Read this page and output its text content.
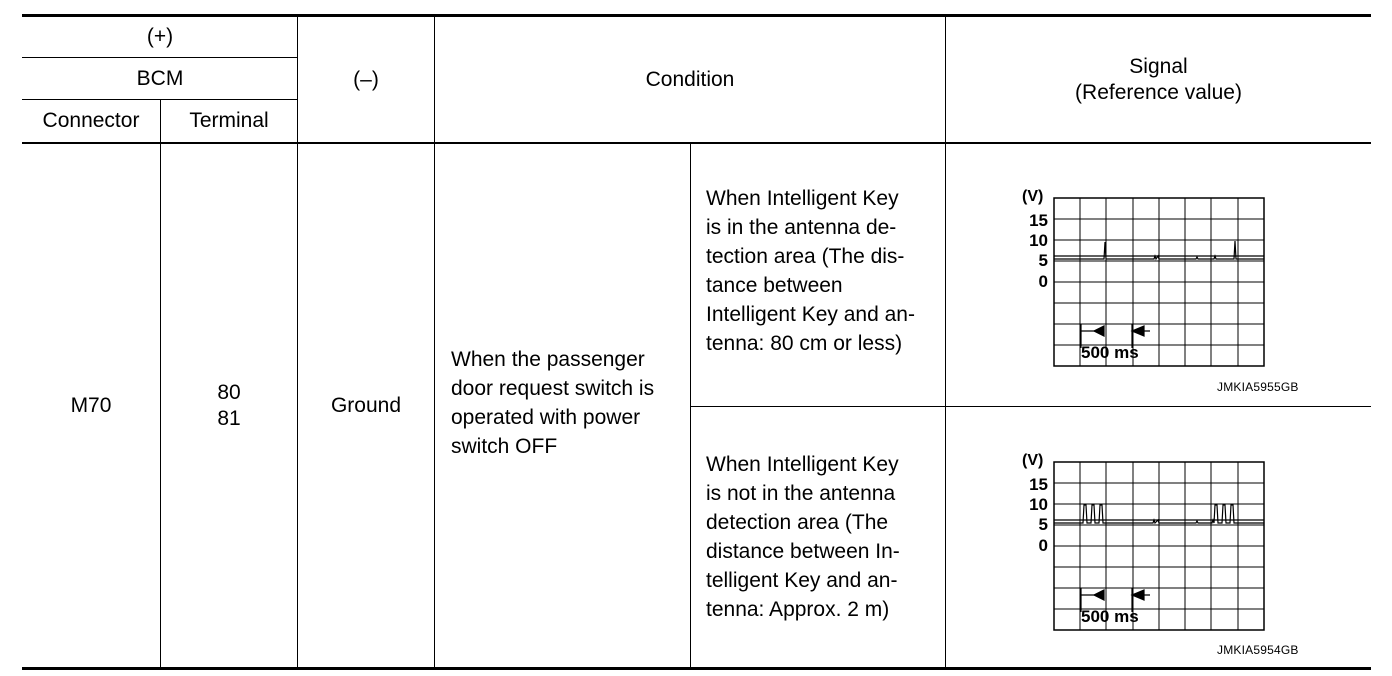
(+)
BCM
Connector	Terminal
(–)	Condition
Signal
(Reference value)
M70
80
81
Ground
When the passenger
door request switch is
operated with power
switch OFF
When Intelligent Key
is in the antenna de-
tection area (The dis-
tance between
Intelligent Key and an-
tenna: 80 cm or less)
When Intelligent Key
is not in the antenna
detection area (The
distance between In-
telligent Key and an-
tenna: Approx. 2 m)
(V)
15
10
5
0
500 ms
JMKIA5955GB
(V)
15
10
5
0
500 ms
JMKIA5954GB
